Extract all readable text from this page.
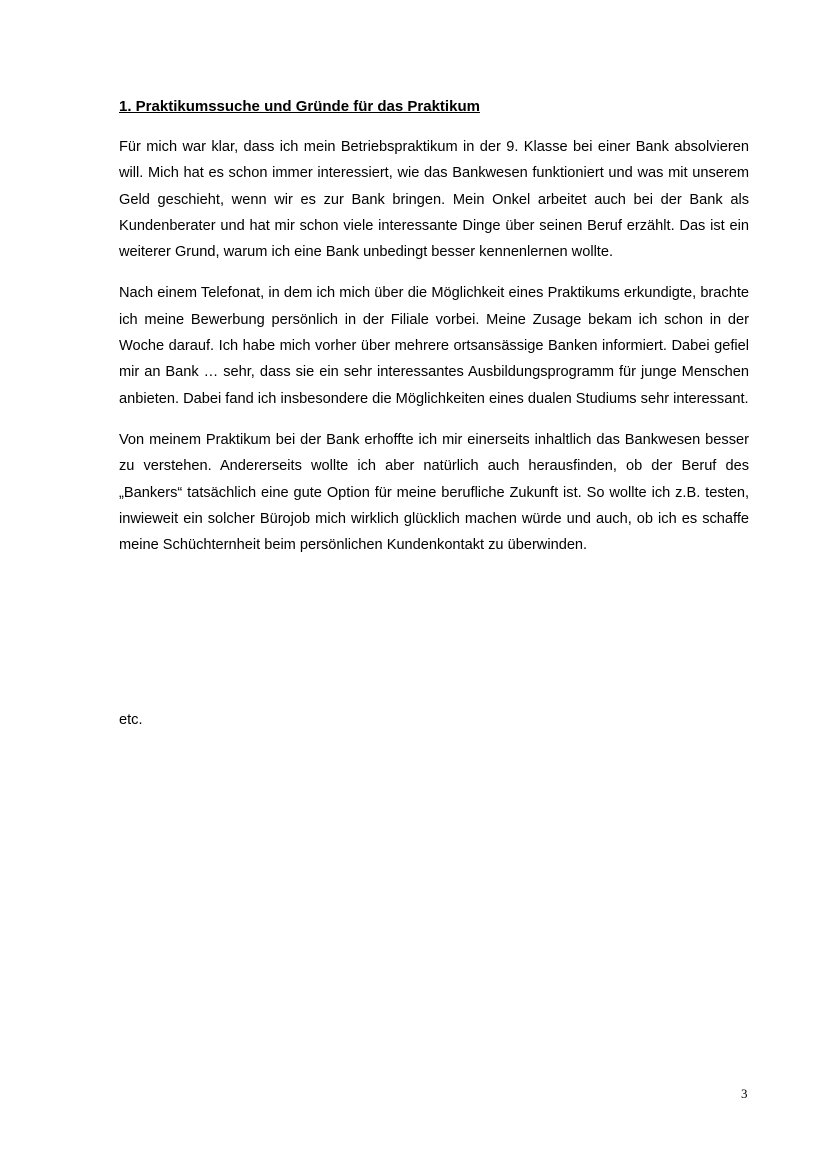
1. Praktikumssuche und Gründe für das Praktikum

Für mich war klar, dass ich mein Betriebspraktikum in der 9. Klasse bei einer Bank absolvieren will. Mich hat es schon immer interessiert, wie das Bankwesen funktioniert und was mit unserem Geld geschieht, wenn wir es zur Bank bringen. Mein Onkel arbeitet auch bei der Bank als Kundenberater und hat mir schon viele interessante Dinge über seinen Beruf erzählt. Das ist ein weiterer Grund, warum ich eine Bank unbedingt besser kennenlernen wollte.

Nach einem Telefonat, in dem ich mich über die Möglichkeit eines Praktikums erkundigte, brachte ich meine Bewerbung persönlich in der Filiale vorbei. Meine Zusage bekam ich schon in der Woche darauf. Ich habe mich vorher über mehrere ortsansässige Banken informiert. Dabei gefiel mir an Bank … sehr, dass sie ein sehr interessantes Ausbildungsprogramm für junge Menschen anbieten. Dabei fand ich insbesondere die Möglichkeiten eines dualen Studiums sehr interessant.

Von meinem Praktikum bei der Bank erhoffte ich mir einerseits inhaltlich das Bankwesen besser zu verstehen. Andererseits wollte ich aber natürlich auch herausfinden, ob der Beruf des „Bankers“ tatsächlich eine gute Option für meine berufliche Zukunft ist. So wollte ich z.B. testen, inwieweit ein solcher Bürojob mich wirklich glücklich machen würde und auch, ob ich es schaffe meine Schüchternheit beim persönlichen Kundenkontakt zu überwinden.

etc.
3
